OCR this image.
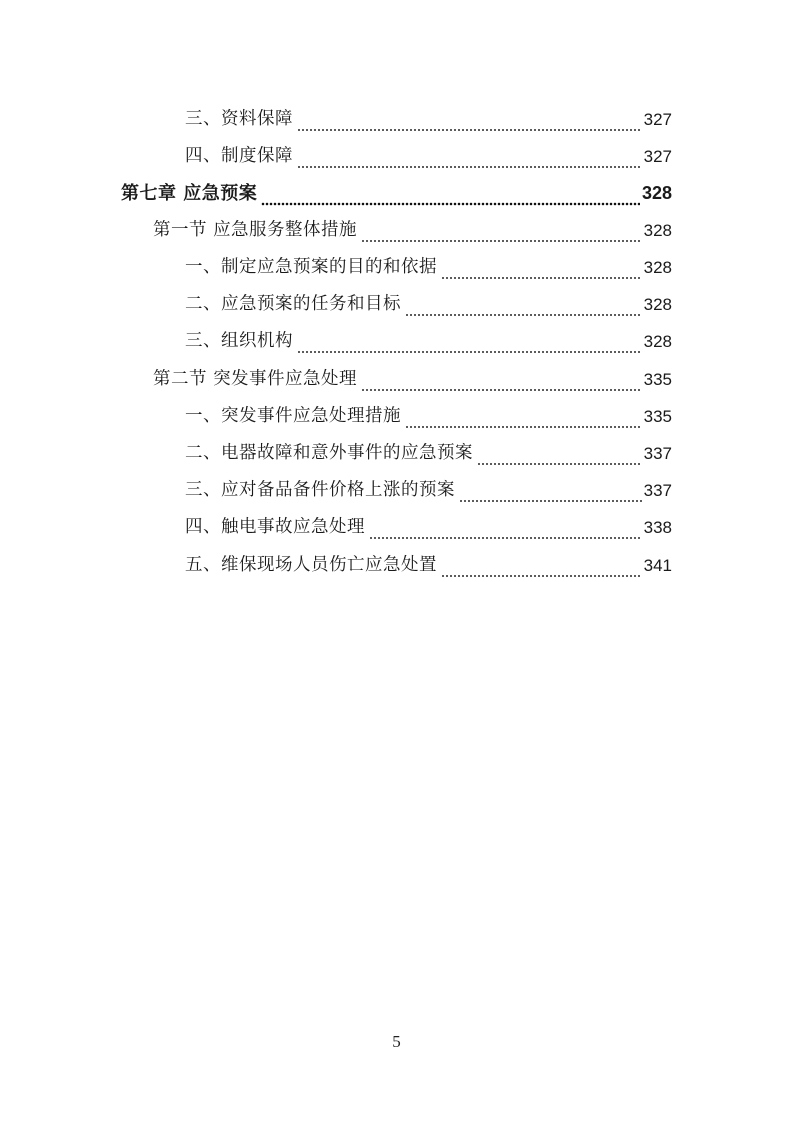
三、资料保障	327
四、制度保障	327
第七章 应急预案	328
第一节 应急服务整体措施	328
一、制定应急预案的目的和依据	328
二、应急预案的任务和目标	328
三、组织机构	328
第二节 突发事件应急处理	335
一、突发事件应急处理措施	335
二、电器故障和意外事件的应急预案	337
三、应对备品备件价格上涨的预案	337
四、触电事故应急处理	338
五、维保现场人员伤亡应急处置	341
5
